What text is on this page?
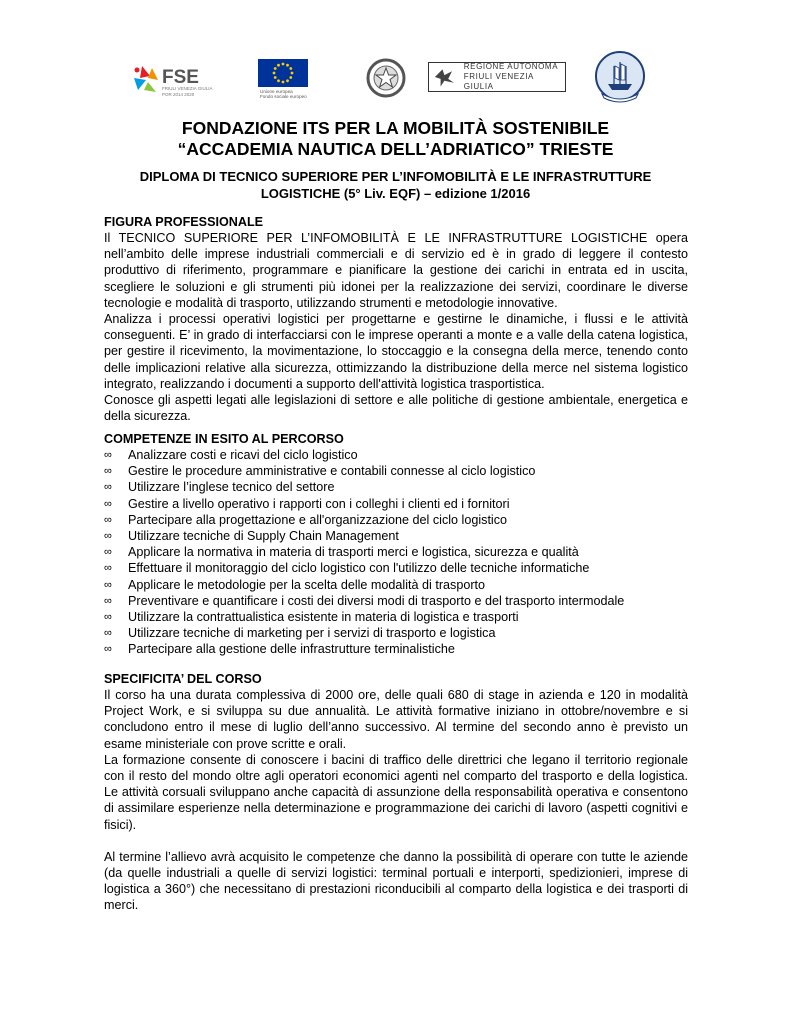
FSE
FRIULI VENEZIA GIULIA
POR 2014 2020
Unione europea
Fondo sociale europeo
REGIONE AUTONOMA
FRIULI VENEZIA GIULIA
FONDAZIONE ITS PER LA MOBILITÀ SOSTENIBILE
“ACCADEMIA NAUTICA DELL’ADRIATICO” TRIESTE
DIPLOMA DI TECNICO SUPERIORE PER L’INFOMOBILITÀ E LE INFRASTRUTTURE
LOGISTICHE (5° Liv. EQF) – edizione 1/2016
FIGURA PROFESSIONALE

Il TECNICO SUPERIORE PER L’INFOMOBILITÀ E LE INFRASTRUTTURE LOGISTICHE opera nell’ambito delle imprese industriali commerciali e di servizio ed è in grado di leggere il contesto produttivo di riferimento, programmare e pianificare la gestione dei carichi in entrata ed in uscita, scegliere le soluzioni e gli strumenti più idonei per la realizzazione dei servizi, coordinare le diverse tecnologie e modalità di trasporto, utilizzando strumenti e metodologie innovative.

Analizza i processi operativi logistici per progettarne e gestirne le dinamiche, i flussi e le attività conseguenti. E’ in grado di interfacciarsi con le imprese operanti a monte e a valle della catena logistica, per gestire il ricevimento, la movimentazione, lo stoccaggio e la consegna della merce, tenendo conto delle implicazioni relative alla sicurezza, ottimizzando la distribuzione della merce nel sistema logistico integrato, realizzando i documenti a supporto dell'attività logistica trasportistica.

Conosce gli aspetti legati alle legislazioni di settore e alle politiche di gestione ambientale, energetica e della sicurezza.

COMPETENZE IN ESITO AL PERCORSO
∞ Analizzare costi e ricavi del ciclo logistico
∞ Gestire le procedure amministrative e contabili connesse al ciclo logistico
∞ Utilizzare l’inglese tecnico del settore
∞ Gestire a livello operativo i rapporti con i colleghi i clienti ed i fornitori
∞ Partecipare alla progettazione e all'organizzazione del ciclo logistico
∞ Utilizzare tecniche di Supply Chain Management
∞ Applicare la normativa in materia di trasporti merci e logistica, sicurezza e qualità
∞ Effettuare il monitoraggio del ciclo logistico con l'utilizzo delle tecniche informatiche
∞ Applicare le metodologie per la scelta delle modalità di trasporto
∞ Preventivare e quantificare i costi dei diversi modi di trasporto e del trasporto intermodale
∞ Utilizzare la contrattualistica esistente in materia di logistica e trasporti
∞ Utilizzare tecniche di marketing per i servizi di trasporto e logistica
∞ Partecipare alla gestione delle infrastrutture terminalistiche
SPECIFICITA’ DEL CORSO

Il corso ha una durata complessiva di 2000 ore, delle quali 680 di stage in azienda e 120 in modalità Project Work, e si sviluppa su due annualità. Le attività formative iniziano in ottobre/novembre e si concludono entro il mese di luglio dell’anno successivo. Al termine del secondo anno è previsto un esame ministeriale con prove scritte e orali.

La formazione consente di conoscere i bacini di traffico delle direttrici che legano il territorio regionale con il resto del mondo oltre agli operatori economici agenti nel comparto del trasporto e della logistica. Le attività corsuali sviluppano anche capacità di assunzione della responsabilità operativa e consentono di assimilare esperienze nella determinazione e programmazione dei carichi di lavoro (aspetti cognitivi e fisici).

Al termine l’allievo avrà acquisito le competenze che danno la possibilità di operare con tutte le aziende (da quelle industriali a quelle di servizi logistici: terminal portuali e interporti, spedizionieri, imprese di logistica a 360°) che necessitano di prestazioni riconducibili al comparto della logistica e dei trasporti di merci.
